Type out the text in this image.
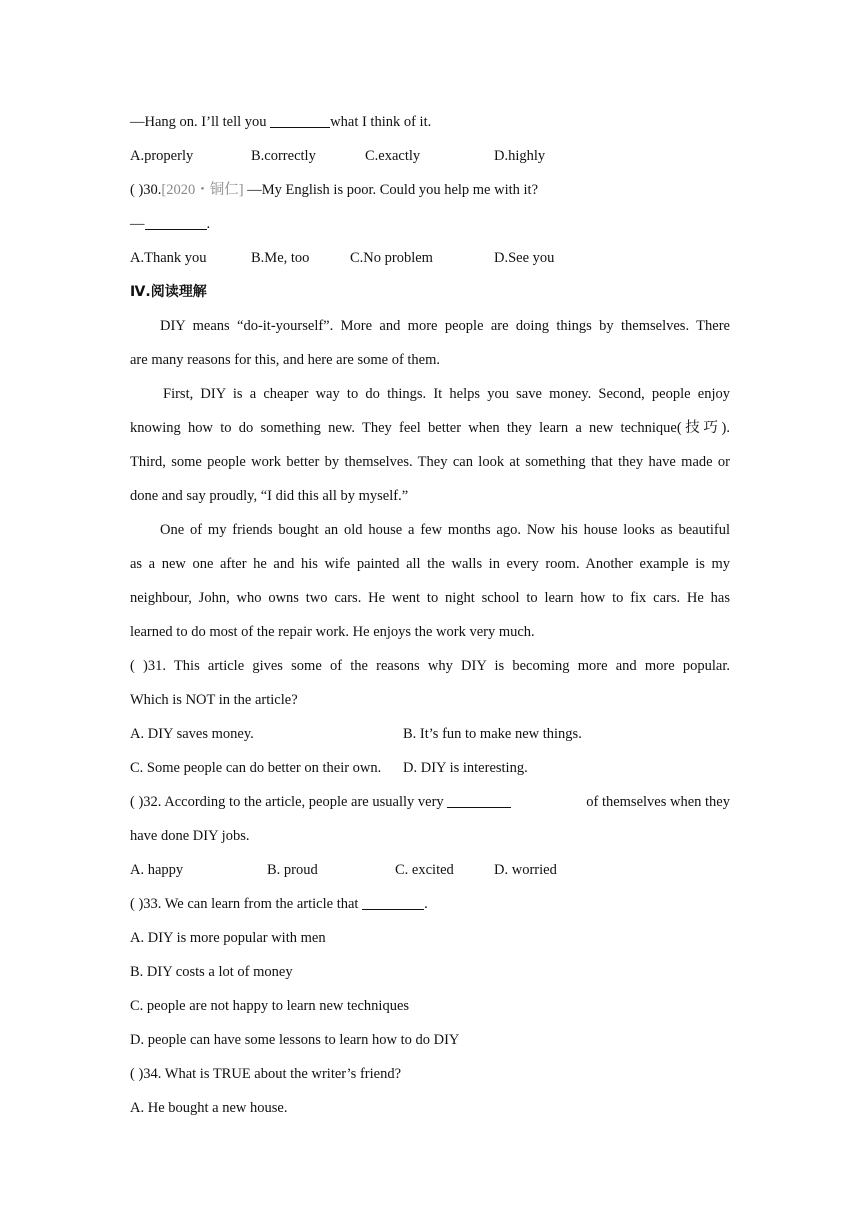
—Hang on. I’ll tell you	what I think of it.
A.properly	B.correctly	C.exactly	D.highly
( )30.[2020・铜仁] —My English is poor. Could you help me with it?
—	.
A.Thank you	B.Me, too	C.No problem	D.See you
Ⅳ.阅读理解
DIY means “do-it-yourself”. More and more people are doing things by themselves. There
are many reasons for this, and here are some of them.
First, DIY is a cheaper way to do things. It helps you save money. Second, people enjoy
knowing how to do something new. They feel better when they learn a new technique(技巧).
Third, some people work better by themselves. They can look at something that they have made or
done and say proudly, “I did this all by myself.”
One of my friends bought an old house a few months ago. Now his house looks as beautiful
as a new one after he and his wife painted all the walls in every room. Another example is my
neighbour, John, who owns two cars. He went to night school to learn how to fix cars. He has
learned to do most of the repair work. He enjoys the work very much.
( )31. This article gives some of the reasons why DIY is becoming more and more popular.
Which is NOT in the article?
A. DIY saves money.	B. It’s fun to make new things.
C. Some people can do better on their own. D. DIY is interesting.
( )32. According to the article, people are usually very	of themselves when they
have done DIY jobs.
A. happy	B. proud	C. excited	D. worried
( )33. We can learn from the article that	.
A. DIY is more popular with men
B. DIY costs a lot of money
C. people are not happy to learn new techniques
D. people can have some lessons to learn how to do DIY
( )34. What is TRUE about the writer’s friend?
A. He bought a new house.
